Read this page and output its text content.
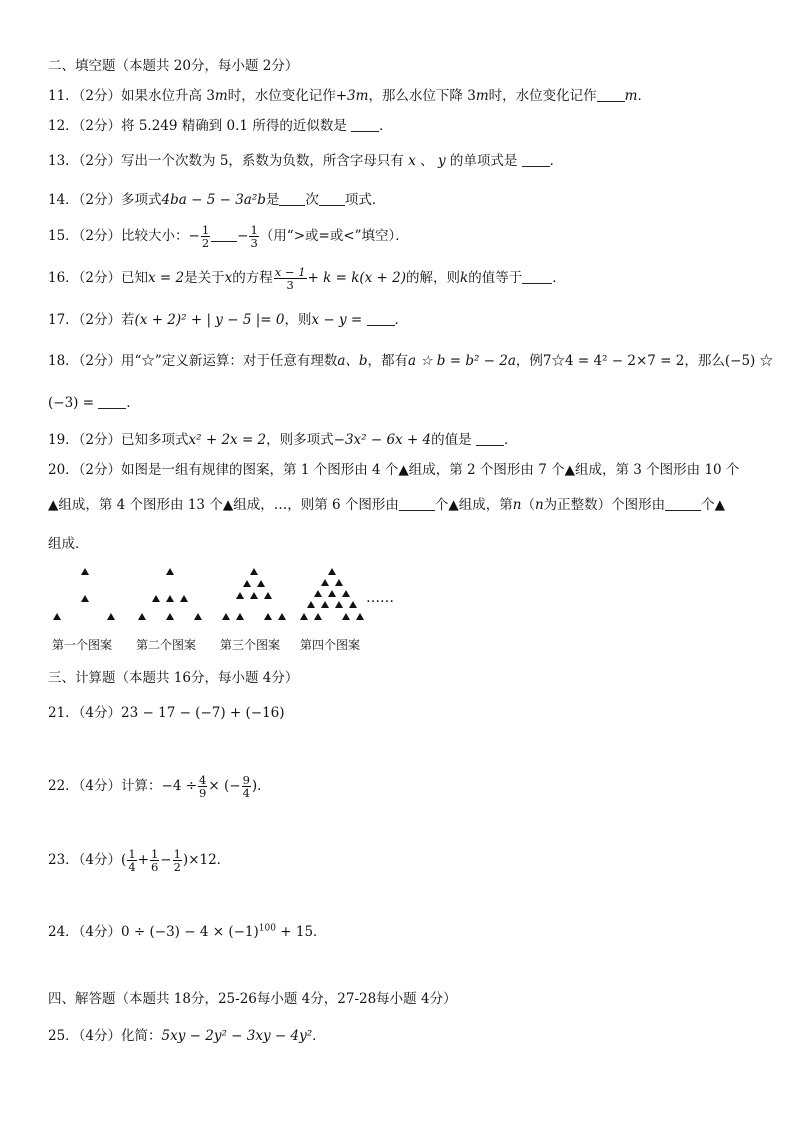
二、填空题（本题共 20分，每小题 2分）
11．（2分）如果水位升高 3m时，水位变化记作+3m，那么水位下降 3m时，水位变化记作 m．
12．（2分）将 5.249 精确到 0.1 所得的近似数是 ．
13．（2分）写出一个次数为 5，系数为负数，所含字母只有 x 、 y 的单项式是 ．
14．（2分）多项式4ba − 5 − 3a²b是 次 项式．
15．（2分）比较大小：− $\frac{1}{2} - \frac{1}{3}$ （用“>或=或<”填空）．
16．（2分）已知x = 2是关于x的方程 $\frac{x - 1}{3} + k = k(x + 2)$的解，则k的值等于 ．
17．（2分）若(x + 2)² + | y − 5 |= 0，则x − y = ．
18．（2分）用“☆”定义新运算：对于任意有理数a、b，都有a ☆ b = b² − 2a，例7☆4 = 4² − 2×7 = 2，那么(−5) ☆
(−3) = ．
19．（2分）已知多项式x² + 2x = 2，则多项式−3x² − 6x + 4的值是 ．
20．（2分）如图是一组有规律的图案，第 1 个图形由 4 个▲组成，第 2 个图形由 7 个▲组成，第 3 个图形由 10 个
▲组成，第 4 个图形由 13 个▲组成，…，则第 6 个图形由	个▲组成，第n（n为正整数）个图形由	个▲
组成．
……
第一个图案 第二个图案 第三个图案 第四个图案
三、计算题（本题共 16分，每小题 4分）
21．（4分）23 − 17 − (−7) + (−16)
22．（4分）计算：$-4 \div \frac{4}{9}$ × (− $\frac{9}{4}$ )．
23．（4分）( $\frac{1}{4} + \frac{1}{6} - \frac{1}{2} )\times 12$．
24．（4分）$0 \div (-3) - 4 \times (-1)^{100} + 15$．
四、解答题（本题共 18分，25-26每小题 4分，27-28每小题 4分）
25．（4分）化简：5xy − 2y² − 3xy − 4y²．
